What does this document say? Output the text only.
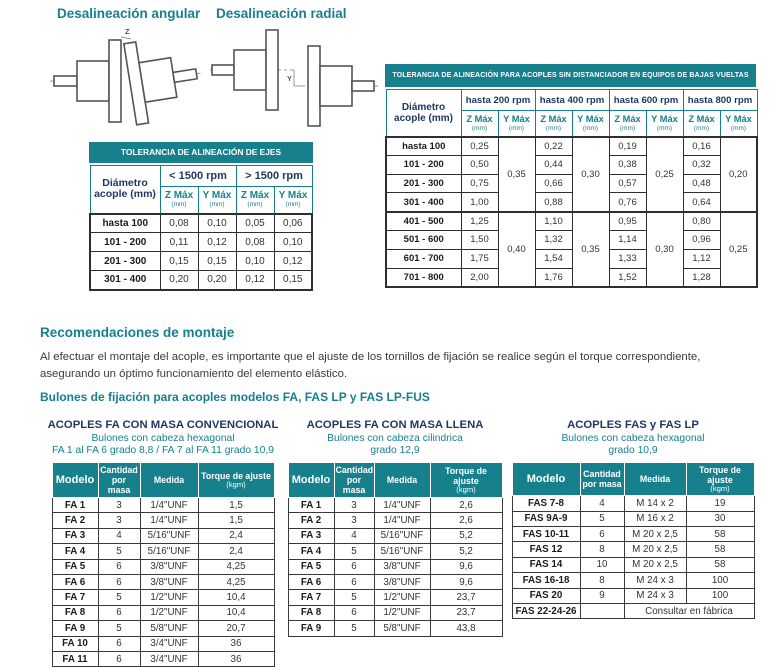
Desalineación angular Desalineación radial
Z
Y
TOLERANCIA DE ALINEACIÓN DE EJES
Diámetro acople (mm)	< 1500 rpm		> 1500 rpm	

	Z Máx
(mm)	Y Máx
(mm)	Z Máx
(mm)	Y Máx
(mm)

hasta 100	0,08	0,10	0,05	0,06
101 - 200	0,11	0,12	0,08	0,10
201 - 300	0,15	0,15	0,10	0,12
301 - 400	0,20	0,20	0,12	0,15
TOLERANCIA DE ALINEACIÓN PARA ACOPLES SIN DISTANCIADOR EN EQUIPOS DE BAJAS VUELTAS
Diámetro acople (mm)	hasta 200 rpm		hasta 400 rpm		hasta 600 rpm		hasta 800 rpm	

	Z Máx
(mm)	Y Máx
(mm)	Z Máx
(mm)	Y Máx
(mm)	Z Máx
(mm)	Y Máx
(mm)	Z Máx
(mm)	Y Máx
(mm)

hasta 100	0,25	0,35	0,22	0,30	0,19	0,25	0,16	0,20
101 - 200	0,50		0,44		0,38		0,32	
201 - 300	0,75		0,66		0,57		0,48	
301 - 400	1,00		0,88		0,76		0,64	
401 - 500	1,25	0,40	1,10	0,35	0,95	0,30	0,80	0,25
501 - 600	1,50		1,32		1,14		0,96	
601 - 700	1,75		1,54		1,33		1,12	
701 - 800	2,00		1,76		1,52		1,28	
Recomendaciones de montaje
Al efectuar el montaje del acople, es importante que el ajuste de los tornillos de fijación se realice según el torque correspondiente, asegurando un óptimo funcionamiento del elemento elástico.
Bulones de fijación para acoples modelos FA, FAS LP y FAS LP-FUS
ACOPLES FA CON MASA CONVENCIONAL
Bulones con cabeza hexagonal
FA 1 al FA 6 grado 8,8 / FA 7 al FA 11 grado 10,9
Modelo	Cantidad por masa	Medida	Torque de ajuste
(kgm)

FA 1	3	1/4"UNF	1,5
FA 2	3	1/4"UNF	1,5
FA 3	4	5/16"UNF	2,4
FA 4	5	5/16"UNF	2,4
FA 5	6	3/8"UNF	4,25
FA 6	6	3/8"UNF	4,25
FA 7	5	1/2"UNF	10,4
FA 8	6	1/2"UNF	10,4
FA 9	5	5/8"UNF	20,7
FA 10	6	3/4"UNF	36
FA 11	6	3/4"UNF	36
ACOPLES FA CON MASA LLENA
Bulones con cabeza cilindrica
grado 12,9
Modelo	Cantidad por masa	Medida	Torque de ajuste
(kgm)

FA 1	3	1/4"UNF	2,6
FA 2	3	1/4"UNF	2,6
FA 3	4	5/16"UNF	5,2
FA 4	5	5/16"UNF	5,2
FA 5	6	3/8"UNF	9,6
FA 6	6	3/8"UNF	9,6
FA 7	5	1/2"UNF	23,7
FA 8	6	1/2"UNF	23,7
FA 9	5	5/8"UNF	43,8
ACOPLES FAS y FAS LP
Bulones con cabeza hexagonal
grado 10,9
Modelo	Cantidad por masa	Medida	Torque de ajuste
(kgm)

FAS 7-8	4	M 14 x 2	19
FAS 9A-9	5	M 16 x 2	30
FAS 10-11	6	M 20 x 2,5	58
FAS 12	8	M 20 x 2,5	58
FAS 14	10	M 20 x 2,5	58
FAS 16-18	8	M 24 x 3	100
FAS 20	9	M 24 x 3	100
FAS 22-24-26		Consultar en fábrica	
